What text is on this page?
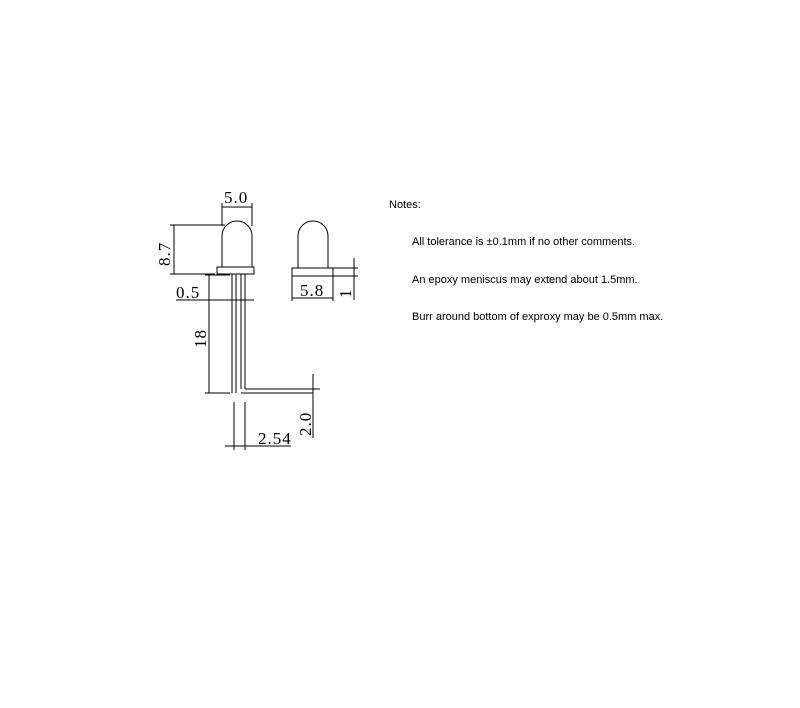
5.0
8.7
0.5
18
5.8 1
2.0
2.54
Notes:
All tolerance is ±0.1mm if no other comments.
An epoxy meniscus may extend about 1.5mm.
Burr around bottom of exproxy may be 0.5mm max.
